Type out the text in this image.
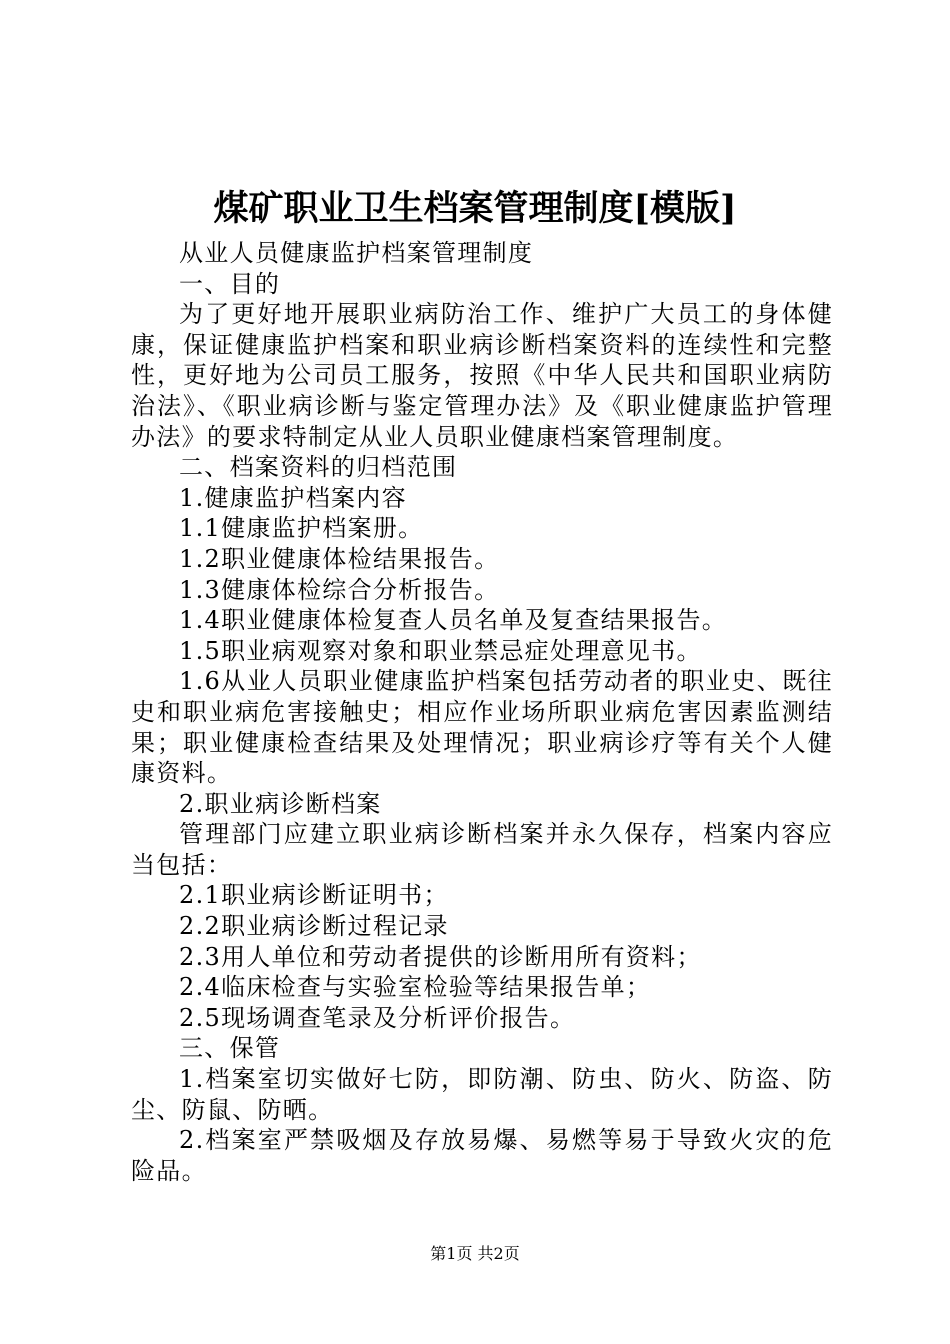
煤矿职业卫生档案管理制度[模版]

从业人员健康监护档案管理制度

一、目的

为了更好地开展职业病防治工作、维护广大员工的身体健康，保证健康监护档案和职业病诊断档案资料的连续性和完整性，更好地为公司员工服务，按照《中华人民共和国职业病防治法》、《职业病诊断与鉴定管理办法》及《职业健康监护管理办法》的要求特制定从业人员职业健康档案管理制度。

二、档案资料的归档范围

1.健康监护档案内容

1.1健康监护档案册。

1.2职业健康体检结果报告。

1.3健康体检综合分析报告。

1.4职业健康体检复查人员名单及复查结果报告。

1.5职业病观察对象和职业禁忌症处理意见书。

1.6从业人员职业健康监护档案包括劳动者的职业史、既往史和职业病危害接触史；相应作业场所职业病危害因素监测结果；职业健康检查结果及处理情况；职业病诊疗等有关个人健康资料。

2.职业病诊断档案

管理部门应建立职业病诊断档案并永久保存，档案内容应当包括：

2.1职业病诊断证明书；

2.2职业病诊断过程记录

2.3用人单位和劳动者提供的诊断用所有资料；

2.4临床检查与实验室检验等结果报告单；

2.5现场调查笔录及分析评价报告。

三、保管

1.档案室切实做好七防，即防潮、防虫、防火、防盗、防尘、防鼠、防晒。

2.档案室严禁吸烟及存放易爆、易燃等易于导致火灾的危险品。

第1页 共2页
